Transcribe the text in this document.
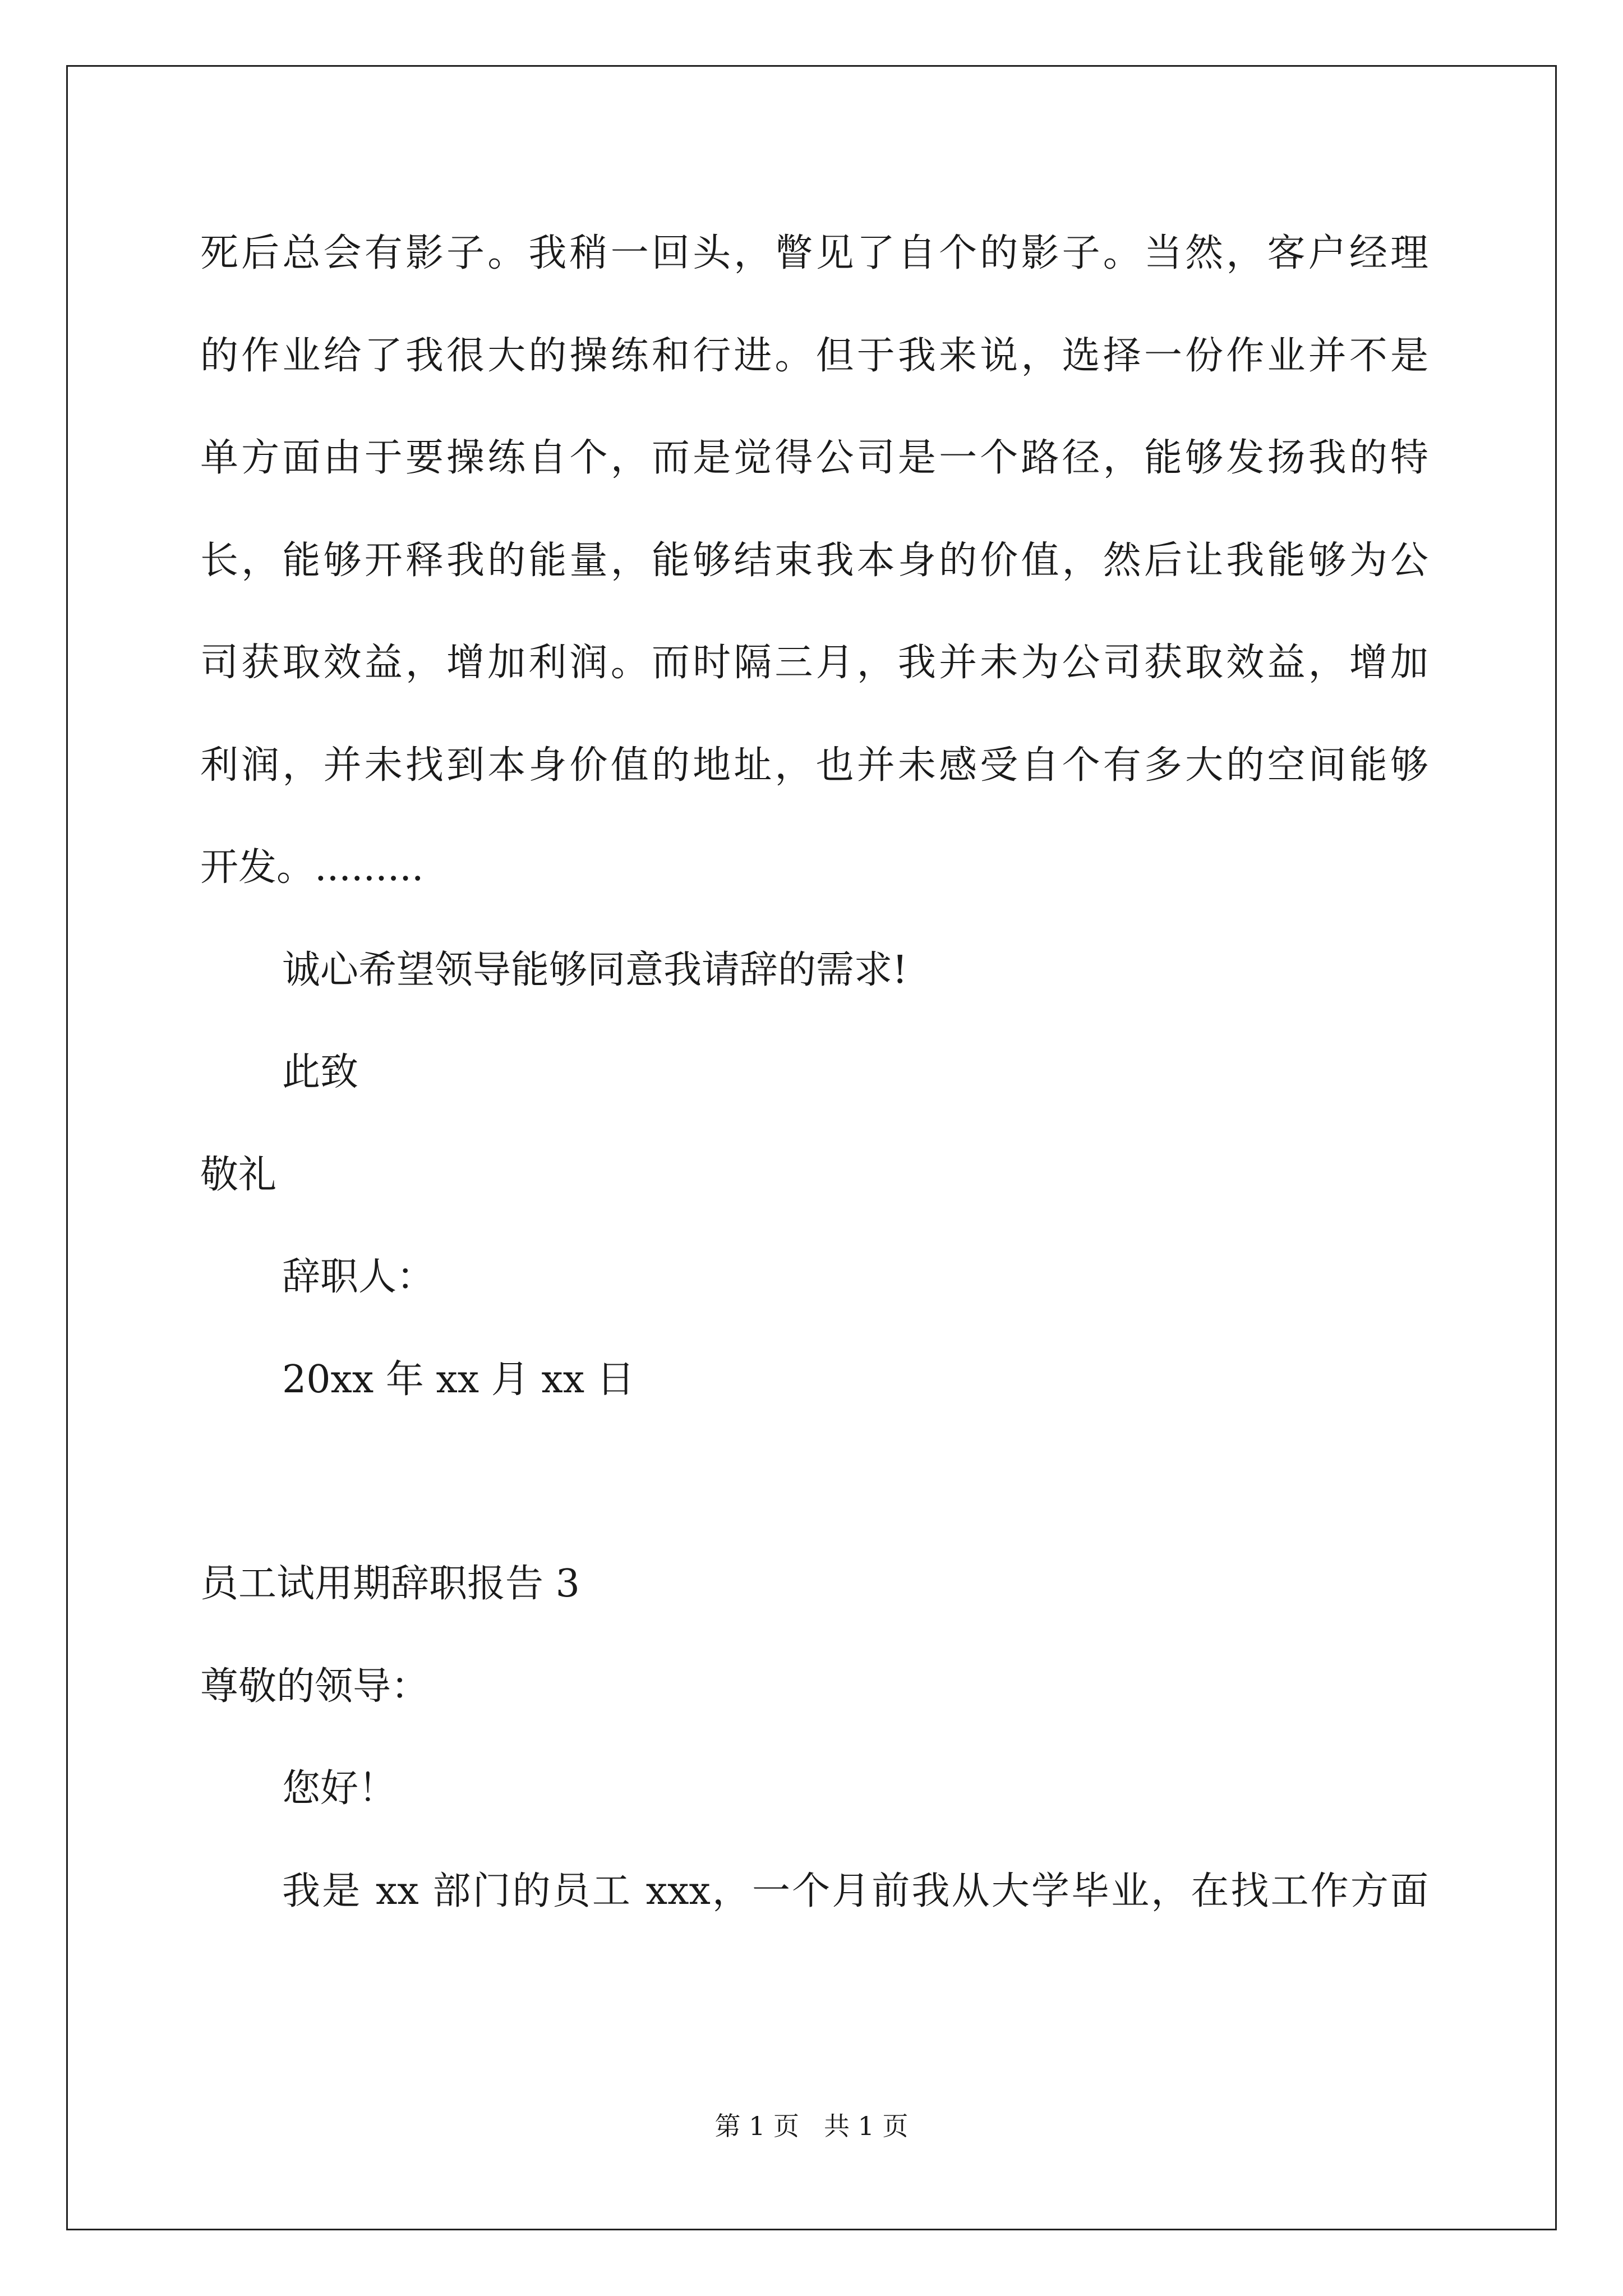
死后总会有影子。我稍一回头，瞥见了自个的影子。当然，客户经理
的作业给了我很大的操练和行进。但于我来说，选择一份作业并不是
单方面由于要操练自个，而是觉得公司是一个路径，能够发扬我的特
长，能够开释我的能量，能够结束我本身的价值，然后让我能够为公
司获取效益，增加利润。而时隔三月，我并未为公司获取效益，增加
利润，并未找到本身价值的地址，也并未感受自个有多大的空间能够
开发。.........
诚心希望领导能够同意我请辞的需求!
此致
敬礼
辞职人：
20xx 年 xx 月 xx 日
员工试用期辞职报告 3
尊敬的领导：
您好！
我是 xx 部门的员工 xxx，一个月前我从大学毕业，在找工作方面
第 1 页 共 1 页
